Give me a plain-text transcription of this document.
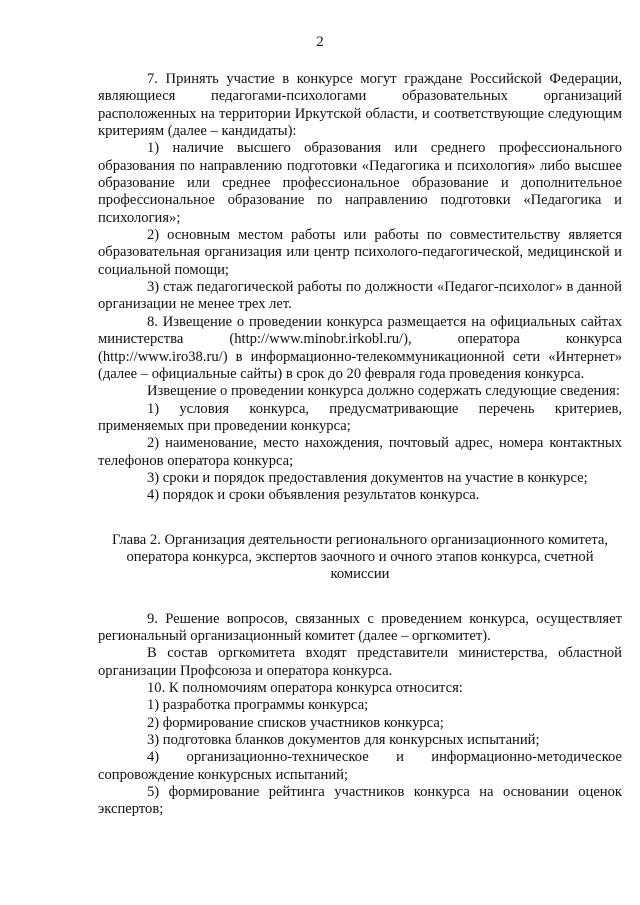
2

7. Принять участие в конкурсе могут граждане Российской Федерации, являющиеся педагогами-психологами образовательных организаций расположенных на территории Иркутской области, и соответствующие следующим критериям (далее – кандидаты):

1) наличие высшего образования или среднего профессионального образования по направлению подготовки «Педагогика и психология» либо высшее образование или среднее профессиональное образование и дополнительное профессиональное образование по направлению подготовки «Педагогика и психология»;

2) основным местом работы или работы по совместительству является образовательная организация или центр психолого-педагогической, медицинской и социальной помощи;

3) стаж педагогической работы по должности «Педагог-психолог» в данной организации не менее трех лет.

8. Извещение о проведении конкурса размещается на официальных сайтах министерства (http://www.minobr.irkobl.ru/), оператора конкурса (http://www.iro38.ru/) в информационно-телекоммуникационной сети «Интернет» (далее – официальные сайты) в срок до 20 февраля года проведения конкурса.

Извещение о проведении конкурса должно содержать следующие сведения:

1) условия конкурса, предусматривающие перечень критериев, применяемых при проведении конкурса;

2) наименование, место нахождения, почтовый адрес, номера контактных телефонов оператора конкурса;

3) сроки и порядок предоставления документов на участие в конкурсе;

4) порядок и сроки объявления результатов конкурса.

Глава 2. Организация деятельности регионального организационного комитета, оператора конкурса, экспертов заочного и очного этапов конкурса, счетной комиссии

9. Решение вопросов, связанных с проведением конкурса, осуществляет региональный организационный комитет (далее – оргкомитет).

В состав оргкомитета входят представители министерства, областной организации Профсоюза и оператора конкурса.

10. К полномочиям оператора конкурса относится:

1) разработка программы конкурса;

2) формирование списков участников конкурса;

3) подготовка бланков документов для конкурсных испытаний;

4) организационно-техническое и информационно-методическое сопровождение конкурсных испытаний;

5) формирование рейтинга участников конкурса на основании оценок экспертов;
